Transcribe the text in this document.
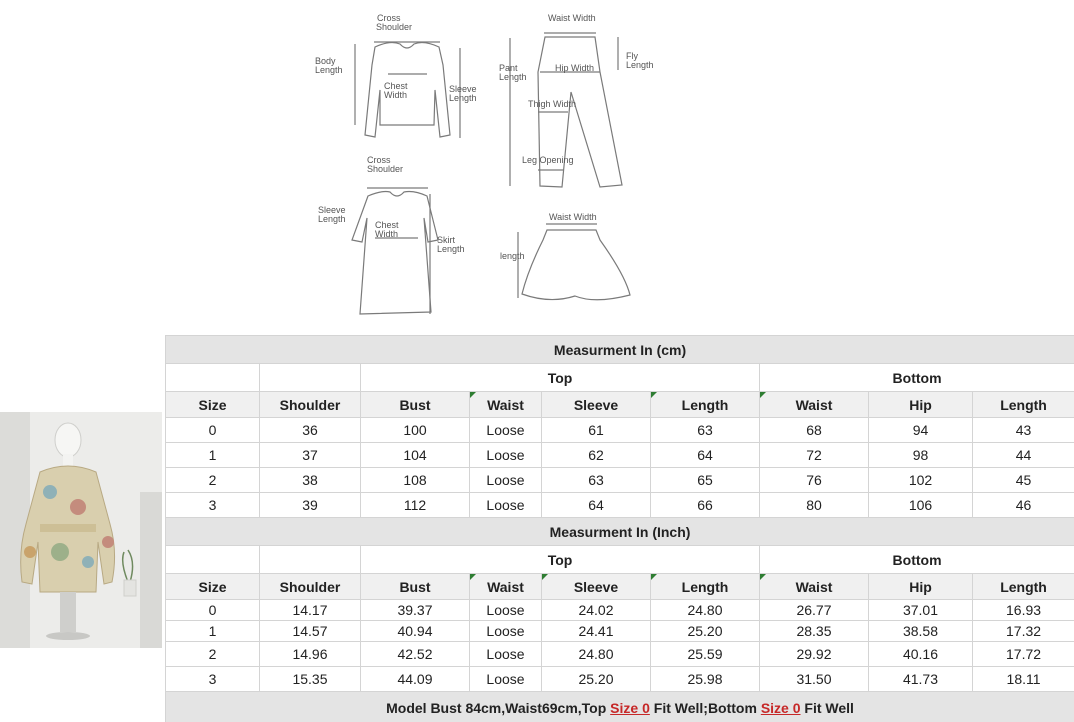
Cross
Shoulder
Body
Length
Chest
Width
Sleeve
Length
Waist Width
Pant
Length
Hip Width
Fly
Length
Thigh Width
Leg Opening
Cross
Shoulder
Sleeve
Length
Chest
Width
Skirt
Length
Waist Width
length
Measurment In (cm)								
		Top				Bottom		
Size	Shoulder	Bust	Waist	Sleeve	Length	Waist	Hip	Length
0	36	100	Loose	61	63	68	94	43
1	37	104	Loose	62	64	72	98	44
2	38	108	Loose	63	65	76	102	45
3	39	112	Loose	64	66	80	106	46
Measurment In (Inch)								
		Top				Bottom		
Size	Shoulder	Bust	Waist	Sleeve	Length	Waist	Hip	Length
0	14.17	39.37	Loose	24.02	24.80	26.77	37.01	16.93
1	14.57	40.94	Loose	24.41	25.20	28.35	38.58	17.32
2	14.96	42.52	Loose	24.80	25.59	29.92	40.16	17.72
3	15.35	44.09	Loose	25.20	25.98	31.50	41.73	18.11
Model Bust 84cm,Waist69cm,Top Size 0 Fit Well;Bottom Size 0 Fit Well								
